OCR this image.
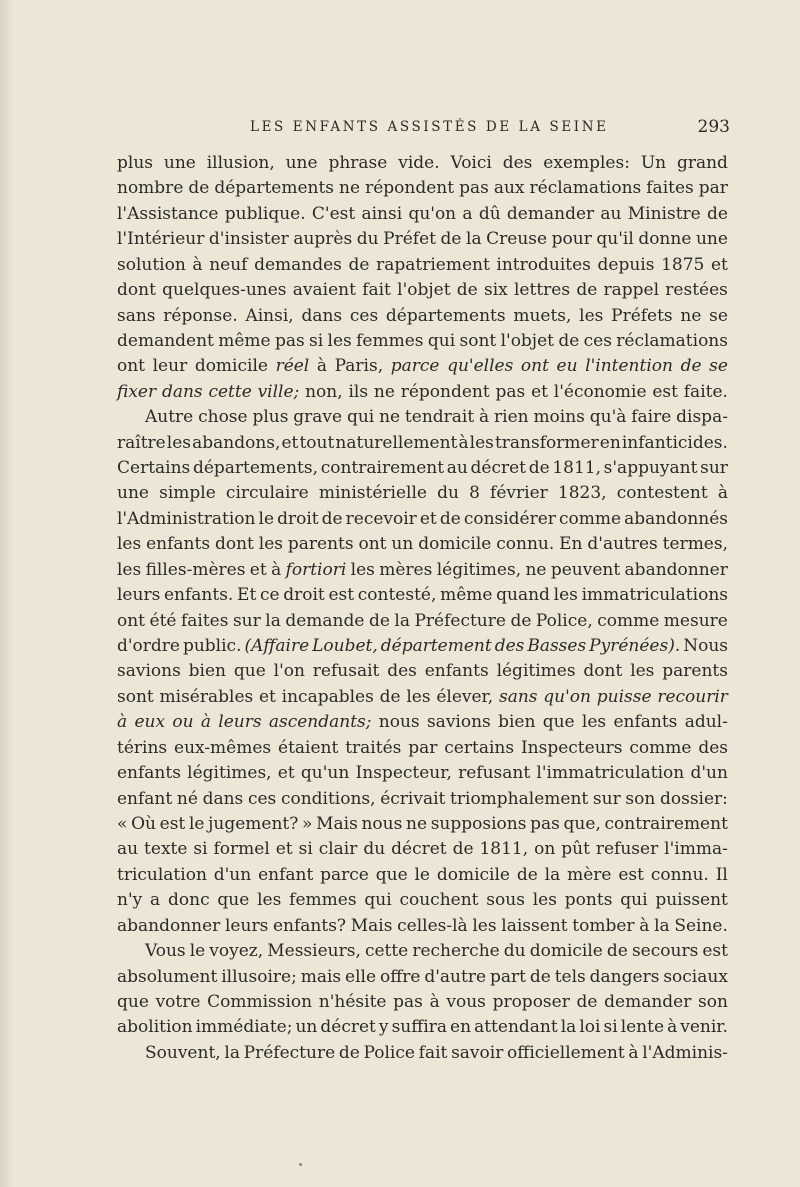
LES ENFANTS ASSISTÉS DE LA SEINE	293
plus une illusion, une phrase vide. Voici des exemples: Un grand
nombre de départements ne répondent pas aux réclamations faites par
l'Assistance publique. C'est ainsi qu'on a dû demander au Ministre de
l'Intérieur d'insister auprès du Préfet de la Creuse pour qu'il donne une
solution à neuf demandes de rapatriement introduites depuis 1875 et
dont quelques-unes avaient fait l'objet de six lettres de rappel restées
sans réponse. Ainsi, dans ces départements muets, les Préfets ne se
demandent même pas si les femmes qui sont l'objet de ces réclamations
ont leur domicile réel à Paris, parce qu'elles ont eu l'intention de se
fixer dans cette ville; non, ils ne répondent pas et l'économie est faite.
Autre chose plus grave qui ne tendrait à rien moins qu'à faire dispa-
raître les abandons, et tout naturellement à les transformer en infanticides.
Certains départements, contrairement au décret de 1811, s'appuyant sur
une simple circulaire ministérielle du 8 février 1823, contestent à
l'Administration le droit de recevoir et de considérer comme abandonnés
les enfants dont les parents ont un domicile connu. En d'autres termes,
les filles-mères et à fortiori les mères légitimes, ne peuvent abandonner
leurs enfants. Et ce droit est contesté, même quand les immatriculations
ont été faites sur la demande de la Préfecture de Police, comme mesure
d'ordre public. (Affaire Loubet, département des Basses Pyrénées). Nous
savions bien que l'on refusait des enfants légitimes dont les parents
sont misérables et incapables de les élever, sans qu'on puisse recourir
à eux ou à leurs ascendants; nous savions bien que les enfants adul-
térins eux-mêmes étaient traités par certains Inspecteurs comme des
enfants légitimes, et qu'un Inspecteur, refusant l'immatriculation d'un
enfant né dans ces conditions, écrivait triomphalement sur son dossier:
« Où est le jugement? » Mais nous ne supposions pas que, contrairement
au texte si formel et si clair du décret de 1811, on pût refuser l'imma-
triculation d'un enfant parce que le domicile de la mère est connu. Il
n'y a donc que les femmes qui couchent sous les ponts qui puissent
abandonner leurs enfants? Mais celles-là les laissent tomber à la Seine.
Vous le voyez, Messieurs, cette recherche du domicile de secours est
absolument illusoire; mais elle offre d'autre part de tels dangers sociaux
que votre Commission n'hésite pas à vous proposer de demander son
abolition immédiate; un décret y suffira en attendant la loi si lente à venir.
Souvent, la Préfecture de Police fait savoir officiellement à l'Adminis-
